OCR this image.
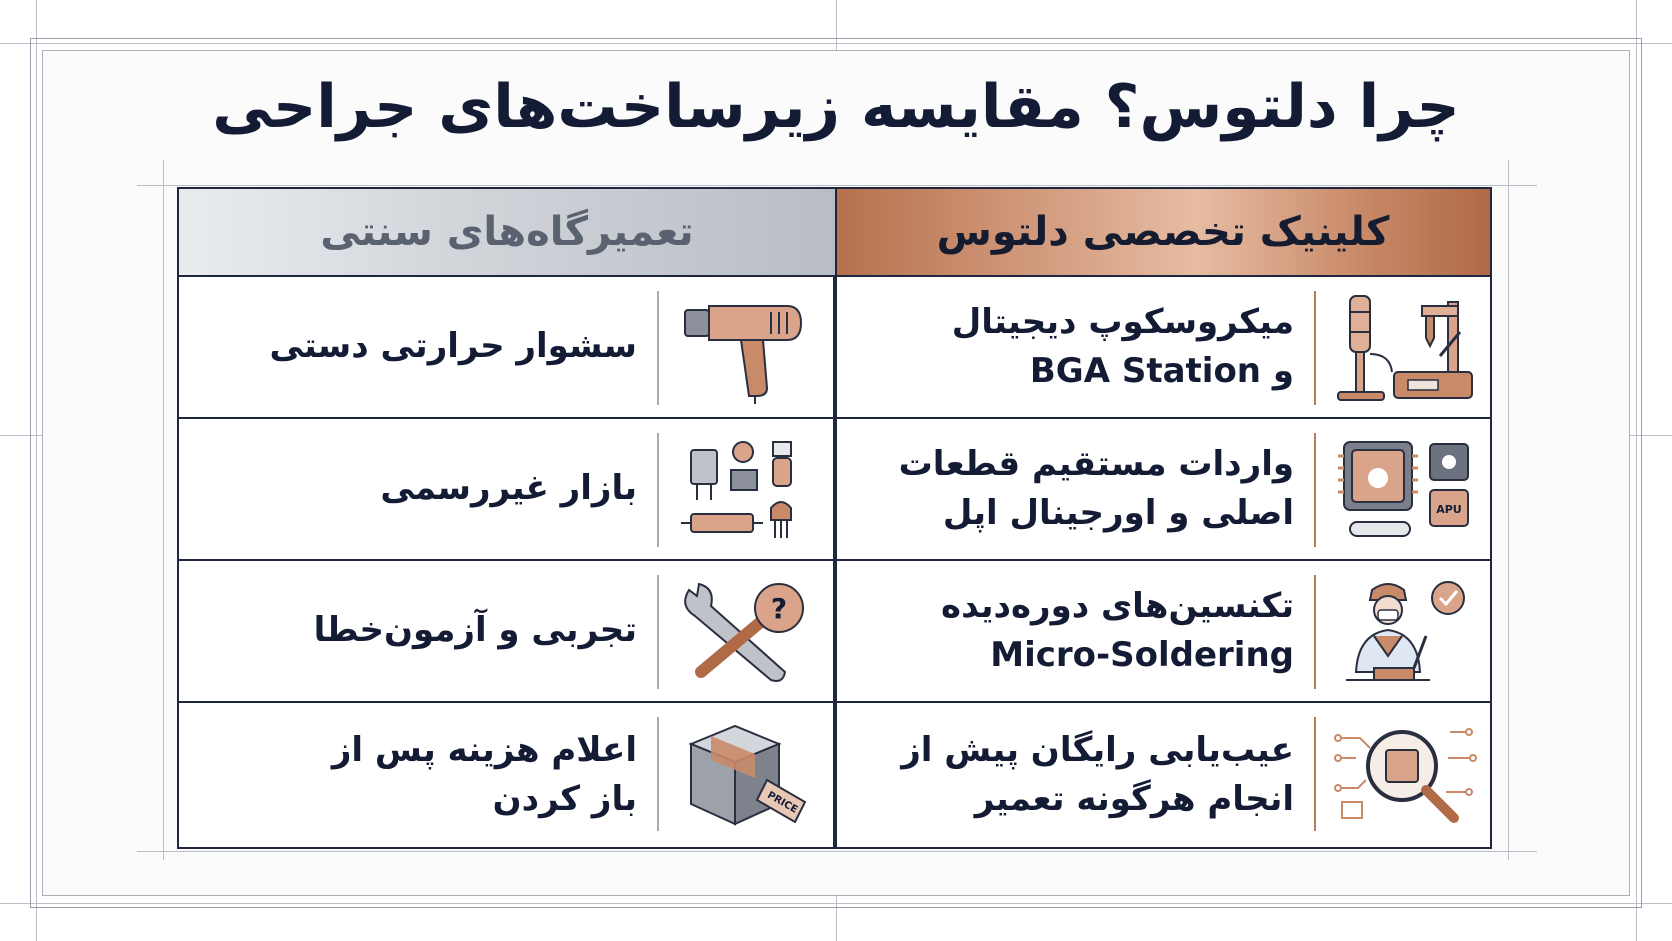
چرا دلتوس؟ مقایسه زیرساخت‌های جراحی
کلینیک تخصصی دلتوس
میکروسکوپ دیجیتال
و BGA Station
APU
واردات مستقیم قطعات
اصلی و اورجینال اپل
تکنسین‌های دوره‌دیده
Micro-Soldering
عیب‌یابی رایگان پیش از
انجام هرگونه تعمیر
تعمیرگاه‌های سنتی
سشوار حرارتی دستی
بازار غیررسمی
?
تجربی و آزمون‌خطا
PRICE
اعلام هزینه پس از
باز کردن
